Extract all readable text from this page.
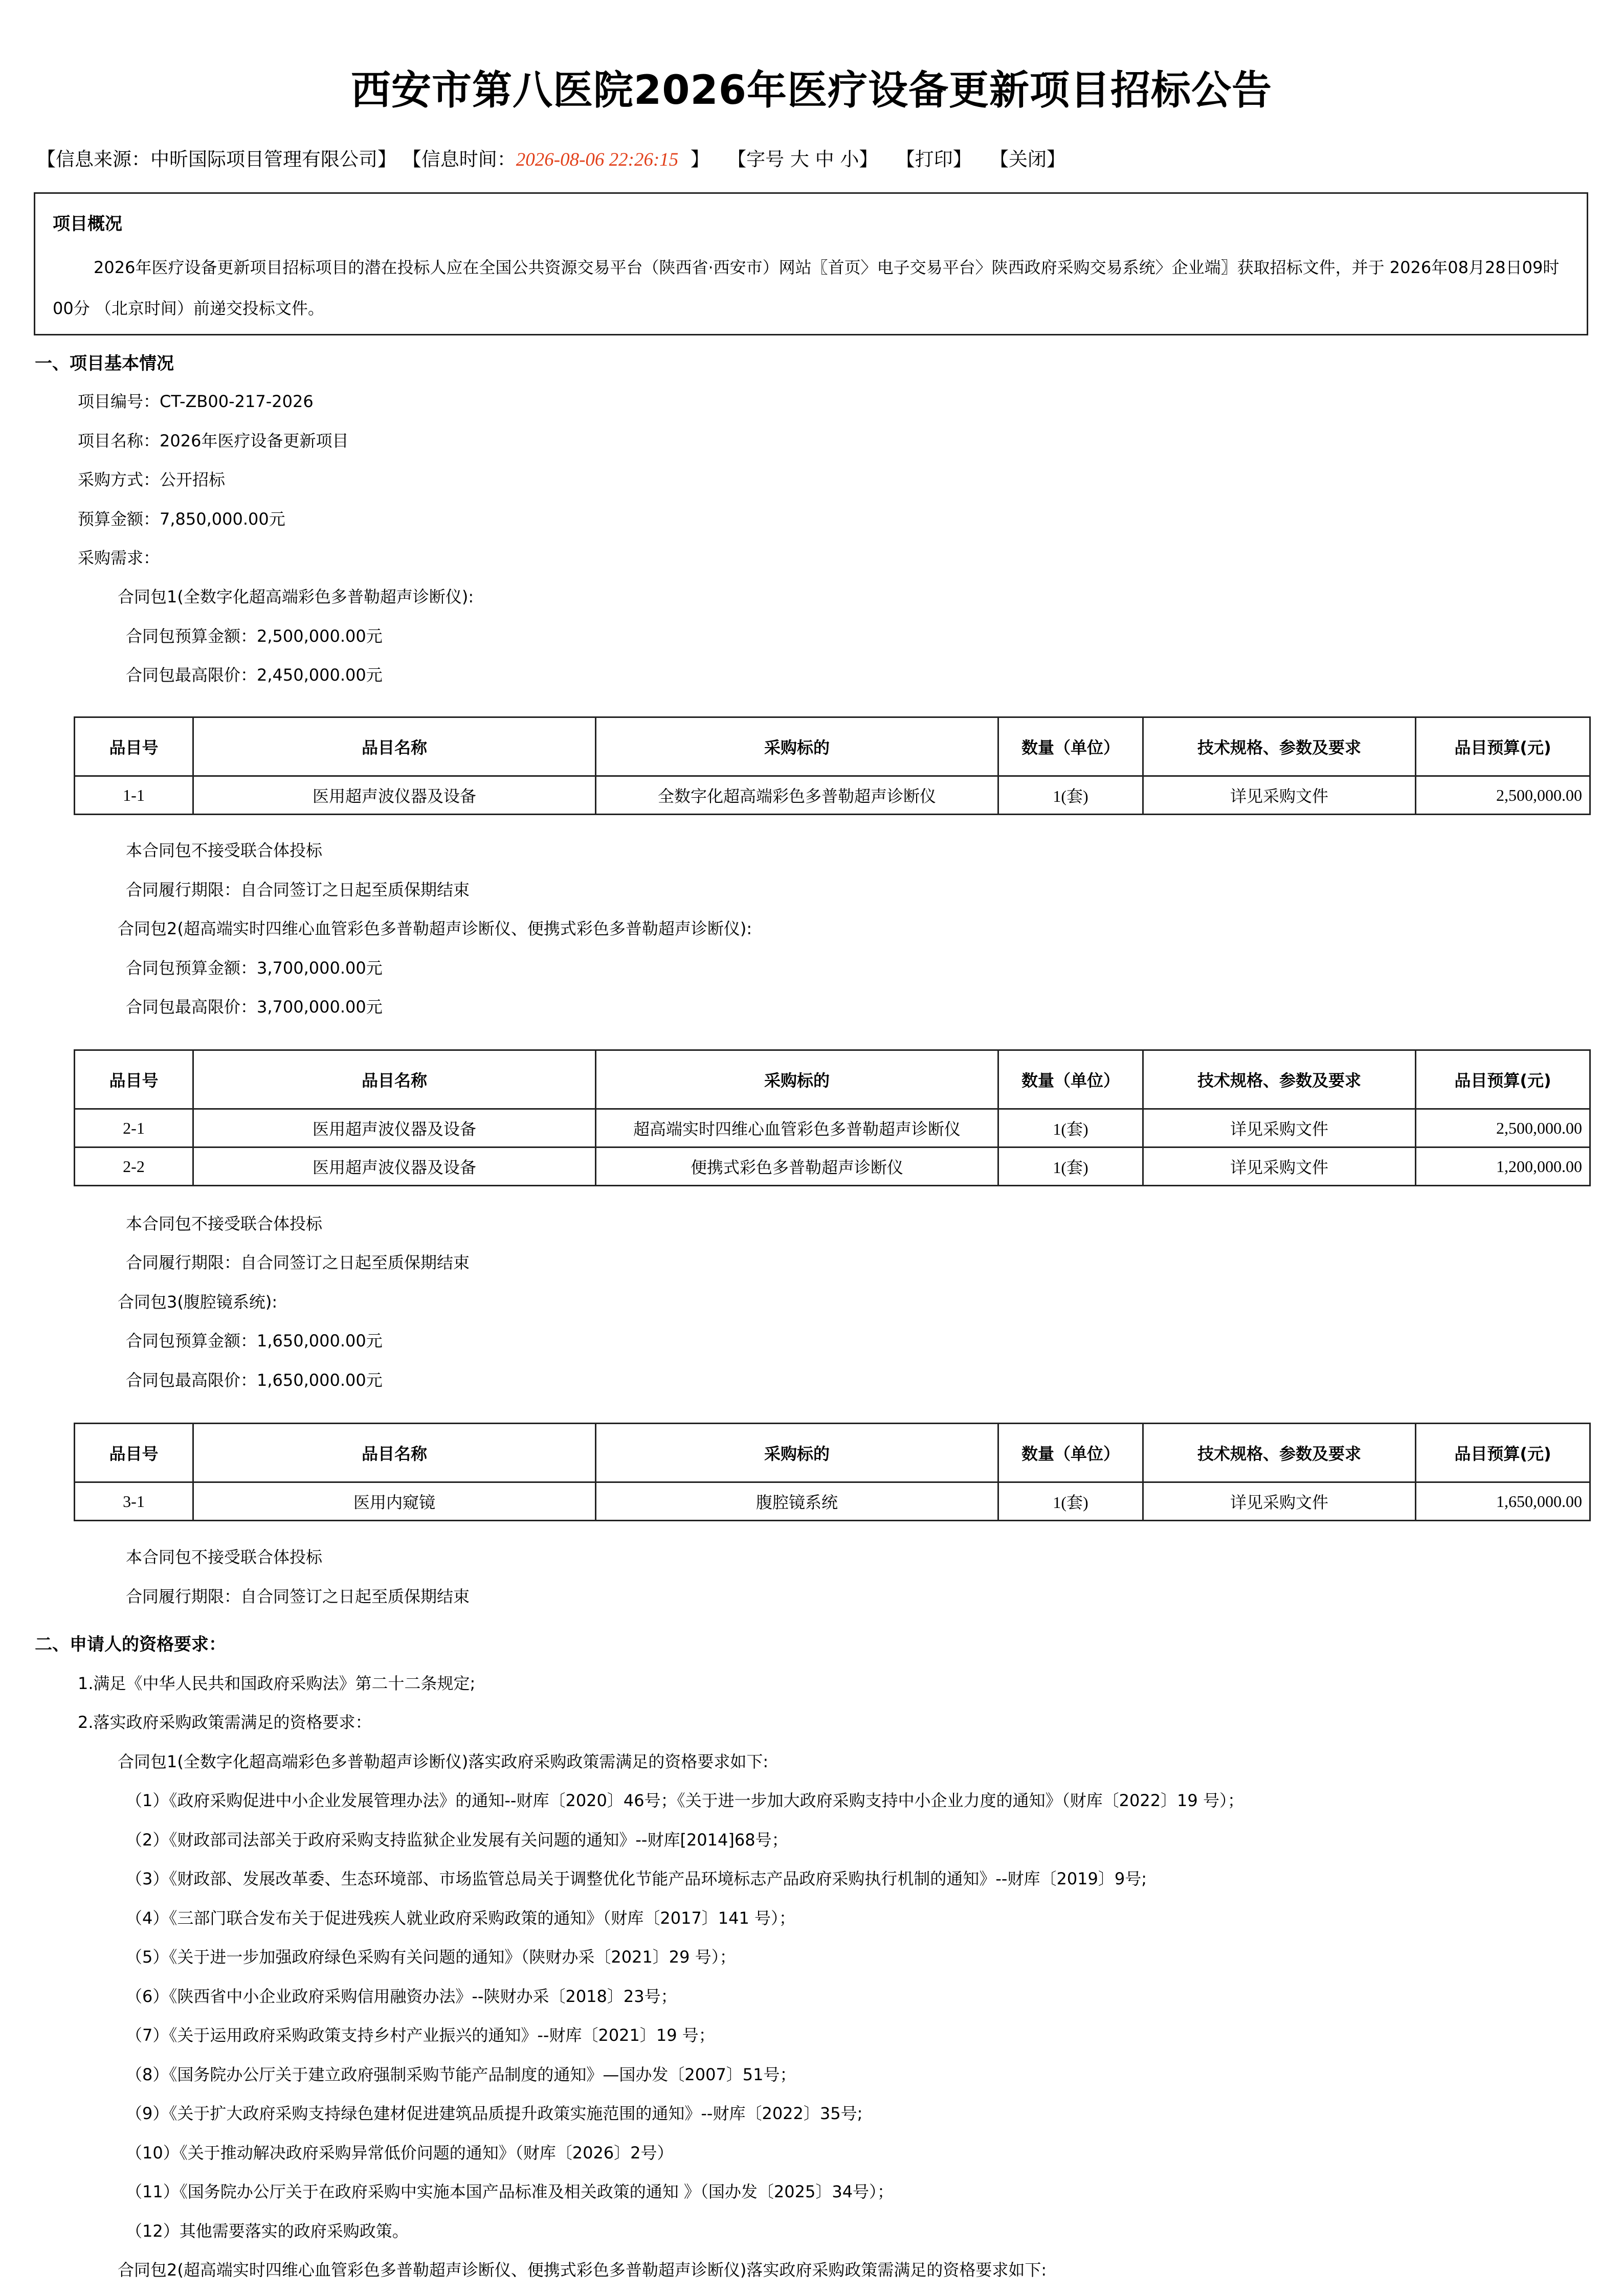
西安市第八医院2026年医疗设备更新项目招标公告
【信息来源：中昕国际项目管理有限公司】 【信息时间：2026-08-06 22:26:15  】 【字号 大 中 小】 【打印】 【关闭】
项目概况
2026年医疗设备更新项目招标项目的潜在投标人应在全国公共资源交易平台（陕西省·西安市）网站〖首页〉电子交易平台〉陕西政府采购交易系统〉企业端〗获取招标文件，并于 2026年08月28日09时00分 （北京时间）前递交投标文件。
一、项目基本情况
项目编号：CT-ZB00-217-2026
项目名称：2026年医疗设备更新项目
采购方式：公开招标
预算金额：7,850,000.00元
采购需求：
合同包1(全数字化超高端彩色多普勒超声诊断仪):
合同包预算金额：2,500,000.00元
合同包最高限价：2,450,000.00元
品目号	品目名称	采购标的	数量（单位）	技术规格、参数及要求	品目预算(元)
1-1	医用超声波仪器及设备	全数字化超高端彩色多普勒超声诊断仪	1(套)	详见采购文件	2,500,000.00
本合同包不接受联合体投标
合同履行期限：自合同签订之日起至质保期结束
合同包2(超高端实时四维心血管彩色多普勒超声诊断仪、便携式彩色多普勒超声诊断仪):
合同包预算金额：3,700,000.00元
合同包最高限价：3,700,000.00元
品目号	品目名称	采购标的	数量（单位）	技术规格、参数及要求	品目预算(元)
2-1	医用超声波仪器及设备	超高端实时四维心血管彩色多普勒超声诊断仪	1(套)	详见采购文件	2,500,000.00
2-2	医用超声波仪器及设备	便携式彩色多普勒超声诊断仪	1(套)	详见采购文件	1,200,000.00
本合同包不接受联合体投标
合同履行期限：自合同签订之日起至质保期结束
合同包3(腹腔镜系统):
合同包预算金额：1,650,000.00元
合同包最高限价：1,650,000.00元
品目号	品目名称	采购标的	数量（单位）	技术规格、参数及要求	品目预算(元)
3-1	医用内窥镜	腹腔镜系统	1(套)	详见采购文件	1,650,000.00
本合同包不接受联合体投标
合同履行期限：自合同签订之日起至质保期结束
二、申请人的资格要求：
1.满足《中华人民共和国政府采购法》第二十二条规定;
2.落实政府采购政策需满足的资格要求：
合同包1(全数字化超高端彩色多普勒超声诊断仪)落实政府采购政策需满足的资格要求如下:
（1）《政府采购促进中小企业发展管理办法》的通知--财库〔2020〕46号；《关于进一步加大政府采购支持中小企业力度的通知》（财库〔2022〕19 号）；
（2）《财政部司法部关于政府采购支持监狱企业发展有关问题的通知》--财库[2014]68号；
（3）《财政部、发展改革委、生态环境部、市场监管总局关于调整优化节能产品环境标志产品政府采购执行机制的通知》--财库〔2019〕9号;
（4）《三部门联合发布关于促进残疾人就业政府采购政策的通知》（财库〔2017〕141 号）；
（5）《关于进一步加强政府绿色采购有关问题的通知》（陕财办采〔2021〕29 号）；
（6）《陕西省中小企业政府采购信用融资办法》--陕财办采〔2018〕23号；
（7）《关于运用政府采购政策支持乡村产业振兴的通知》--财库〔2021〕19 号；
（8）《国务院办公厅关于建立政府强制采购节能产品制度的通知》—国办发〔2007〕51号；
（9）《关于扩大政府采购支持绿色建材促进建筑品质提升政策实施范围的通知》--财库〔2022〕35号;
（10）《关于推动解决政府采购异常低价问题的通知》（财库〔2026〕2号）
（11）《国务院办公厅关于在政府采购中实施本国产品标准及相关政策的通知 》（国办发〔2025〕34号）；
（12）其他需要落实的政府采购政策。
合同包2(超高端实时四维心血管彩色多普勒超声诊断仪、便携式彩色多普勒超声诊断仪)落实政府采购政策需满足的资格要求如下:
